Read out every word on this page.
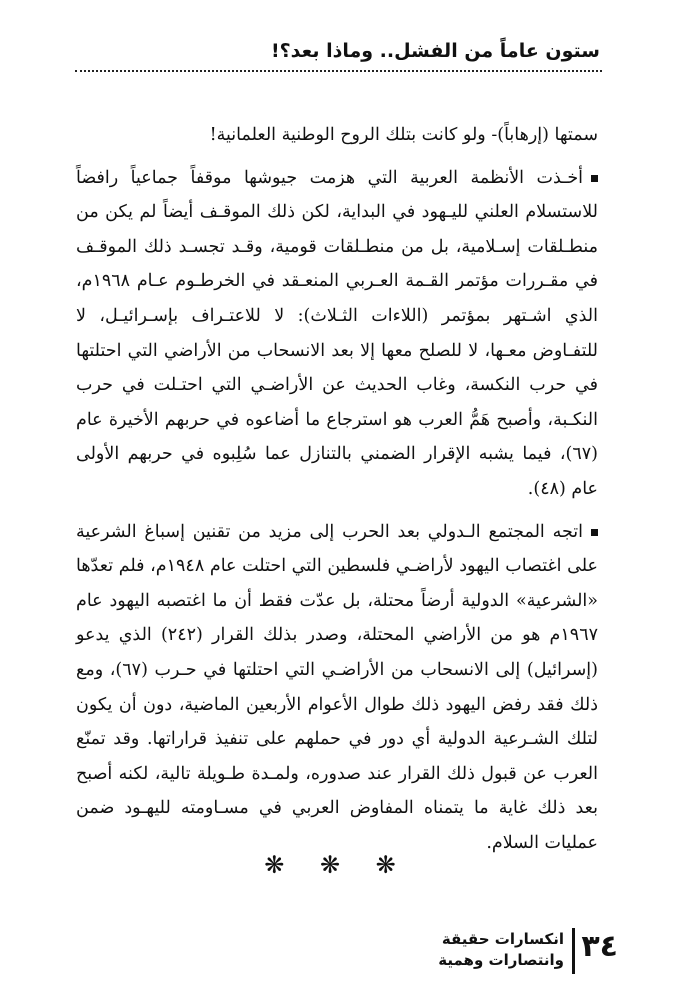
ستون عاماً من الفشل.. وماذا بعد؟!

سمتها (إرهاباً)- ولو كانت بتلك الروح الوطنية العلمانية!

أخـذت الأنظمة العربية التي هزمت جيوشها موقفاً جماعياً رافضاً للاستسلام العلني لليـهود في البداية، لكن ذلك الموقـف أيضاً لم يكن من منطـلقات إسـلامية، بل من منطـلقات قومية، وقـد تجسـد ذلك الموقـف في مقـررات مؤتمر القـمة العـربي المنعـقد في الخرطـوم عـام ١٩٦٨م، الذي اشـتهر بمؤتمر (اللاءات الثـلاث): لا للاعتـراف بإسـرائيـل، لا للتفـاوض معـها، لا للصلح معها إلا بعد الانسحاب من الأراضي التي احتلتها في حرب النكسة، وغاب الحديث عن الأراضـي التي احتـلت في حرب النكـبة، وأصبح هَمُّ العرب هو استرجاع ما أضاعوه في حربهم الأخيرة عام (٦٧)، فيما يشبه الإقرار الضمني بالتنازل عما سُلِبوه في حربهم الأولى عام (٤٨).

اتجه المجتمع الـدولي بعد الحرب إلى مزيد من تقنين إسباغ الشرعية على اغتصاب اليهود لأراضـي فلسطين التي احتلت عام ١٩٤٨م، فلم تعدّها «الشرعية» الدولية أرضاً محتلة، بل عدّت فقط أن ما اغتصبه اليهود عام ١٩٦٧م هو من الأراضي المحتلة، وصدر بذلك القرار (٢٤٢) الذي يدعو (إسرائيل) إلى الانسحاب من الأراضـي التي احتلتها في حـرب (٦٧)، ومع ذلك فقد رفض اليهود ذلك طوال الأعوام الأربعين الماضية، دون أن يكون لتلك الشـرعية الدولية أي دور في حملهم على تنفيذ قراراتها. وقد تمنّع العرب عن قبول ذلك القرار عند صدوره، ولمـدة طـويلة تالية، لكنه أصبح بعد ذلك غاية ما يتمناه المفاوض العربي في مسـاومته لليهـود ضمن عمليات السلام.

❋ ❋ ❋
٣٤
انكسارات حقيقة
وانتصارات وهمية
